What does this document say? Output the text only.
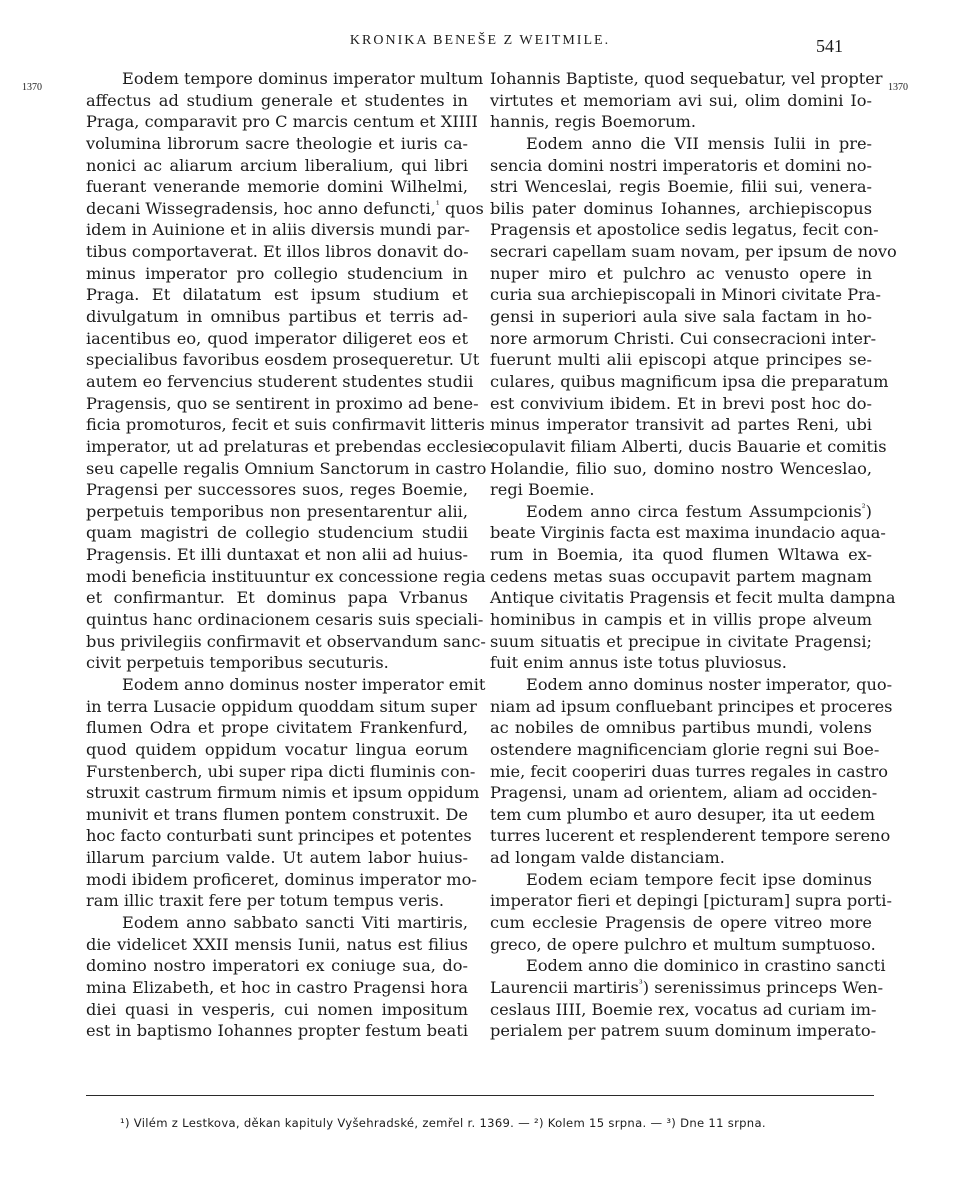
KRONIKA BENEŠE Z WEITMILE.	541
1370	1370
Eodem tempore dominus imperator multum
affectus ad studium generale et studentes in
Praga, comparavit pro C marcis centum et XIIII
volumina librorum sacre theologie et iuris ca-
nonici ac aliarum arcium liberalium, qui libri
fuerant venerande memorie domini Wilhelmi,
decani Wissegradensis, hoc anno defuncti,$^{^1}$ quos
idem in Auinione et in aliis diversis mundi par-
tibus comportaverat. Et illos libros donavit do-
minus imperator pro collegio studencium in
Praga. Et dilatatum est ipsum studium et
divulgatum in omnibus partibus et terris ad-
iacentibus eo, quod imperator diligeret eos et
specialibus favoribus eosdem prosequeretur. Ut
autem eo fervencius studerent studentes studii
Pragensis, quo se sentirent in proximo ad bene-
ficia promoturos, fecit et suis confirmavit litteris
imperator, ut ad prelaturas et prebendas ecclesie
seu capelle regalis Omnium Sanctorum in castro
Pragensi per successores suos, reges Boemie,
perpetuis temporibus non presentarentur alii,
quam magistri de collegio studencium studii
Pragensis. Et illi duntaxat et non alii ad huius-
modi beneficia instituuntur ex concessione regia
et confirmantur. Et dominus papa Vrbanus
quintus hanc ordinacionem cesaris suis speciali-
bus privilegiis confirmavit et observandum sanc-
civit perpetuis temporibus secuturis.
Eodem anno dominus noster imperator emit
in terra Lusacie oppidum quoddam situm super
flumen Odra et prope civitatem Frankenfurd,
quod quidem oppidum vocatur lingua eorum
Furstenberch, ubi super ripa dicti fluminis con-
struxit castrum firmum nimis et ipsum oppidum
munivit et trans flumen pontem construxit. De
hoc facto conturbati sunt principes et potentes
illarum parcium valde. Ut autem labor huius-
modi ibidem proficeret, dominus imperator mo-
ram illic traxit fere per totum tempus veris.
Eodem anno sabbato sancti Viti martiris,
die videlicet XXII mensis Iunii, natus est filius
domino nostro imperatori ex coniuge sua, do-
mina Elizabeth, et hoc in castro Pragensi hora
diei quasi in vesperis, cui nomen impositum
est in baptismo Iohannes propter festum beati
Iohannis Baptiste, quod sequebatur, vel propter
virtutes et memoriam avi sui, olim domini Io-
hannis, regis Boemorum.
Eodem anno die VII mensis Iulii in pre-
sencia domini nostri imperatoris et domini no-
stri Wenceslai, regis Boemie, filii sui, venera-
bilis pater dominus Iohannes, archiepiscopus
Pragensis et apostolice sedis legatus, fecit con-
secrari capellam suam novam, per ipsum de novo
nuper miro et pulchro ac venusto opere in
curia sua archiepiscopali in Minori civitate Pra-
gensi in superiori aula sive sala factam in ho-
nore armorum Christi. Cui consecracioni inter-
fuerunt multi alii episcopi atque principes se-
culares, quibus magnificum ipsa die preparatum
est convivium ibidem. Et in brevi post hoc do-
minus imperator transivit ad partes Reni, ubi
copulavit filiam Alberti, ducis Bauarie et comitis
Holandie, filio suo, domino nostro Wenceslao,
regi Boemie.
Eodem anno circa festum Assumpcionis$^{^2}$)
beate Virginis facta est maxima inundacio aqua-
rum in Boemia, ita quod flumen Wltawa ex-
cedens metas suas occupavit partem magnam
Antique civitatis Pragensis et fecit multa dampna
hominibus in campis et in villis prope alveum
suum situatis et precipue in civitate Pragensi;
fuit enim annus iste totus pluviosus.
Eodem anno dominus noster imperator, quo-
niam ad ipsum confluebant principes et proceres
ac nobiles de omnibus partibus mundi, volens
ostendere magnificenciam glorie regni sui Boe-
mie, fecit cooperiri duas turres regales in castro
Pragensi, unam ad orientem, aliam ad occiden-
tem cum plumbo et auro desuper, ita ut eedem
turres lucerent et resplenderent tempore sereno
ad longam valde distanciam.
Eodem eciam tempore fecit ipse dominus
imperator fieri et depingi [picturam] supra porti-
cum ecclesie Pragensis de opere vitreo more
greco, de opere pulchro et multum sumptuoso.
Eodem anno die dominico in crastino sancti
Laurencii martiris$^{^3}$) serenissimus princeps Wen-
ceslaus IIII, Boemie rex, vocatus ad curiam im-
perialem per patrem suum dominum imperato-
¹) Vilém z Lestkova, děkan kapituly Vyšehradské, zemřel r. 1369. — ²) Kolem 15 srpna. — ³) Dne 11 srpna.
